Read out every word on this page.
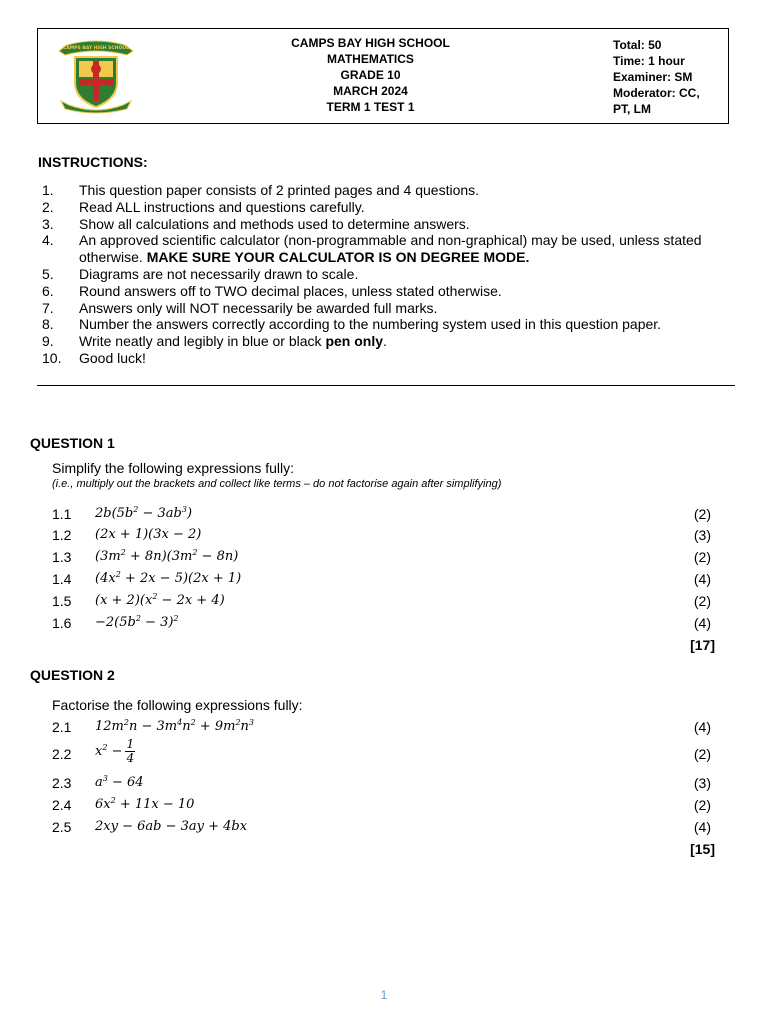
CAMPS BAY HIGH SCHOOL	CAMPS BAY HIGH SCHOOL
MATHEMATICS
GRADE 10
MARCH 2024
TERM 1 TEST 1
Total: 50
Time: 1 hour
Examiner: SM
Moderator: CC,
PT, LM
INSTRUCTIONS:
1.	This question paper consists of 2 printed pages and 4 questions.
2.	Read ALL instructions and questions carefully.
3.	Show all calculations and methods used to determine answers.
4.	An approved scientific calculator (non-programmable and non-graphical) may be used, unless stated otherwise. MAKE SURE YOUR CALCULATOR IS ON DEGREE MODE.
5.	Diagrams are not necessarily drawn to scale.
6.	Round answers off to TWO decimal places, unless stated otherwise.
7.	Answers only will NOT necessarily be awarded full marks.
8.	Number the answers correctly according to the numbering system used in this question paper.
9.	Write neatly and legibly in blue or black pen only.
10.	Good luck!
QUESTION 1
Simplify the following expressions fully:
(i.e., multiply out the brackets and collect like terms – do not factorise again after simplifying)
1.1 $2b(5b^2 - 3ab^3)$	(2)
1.2 (2x + 1)(3x − 2)	(3)
1.3 $(3m^2 + 8n)(3m^2 - 8n)$	(2)
1.4 $(4x^2 + 2x - 5)(2x + 1)$	(4)
1.5 $(x + 2)(x^2 - 2x + 4)$	(2)
$1.6 -2(5b^2 - 3)^2$	(4)
[17]
QUESTION 2
Factorise the following expressions fully:
2.1 $12m^2n - 3m^4n^2 + 9m^2n^3$	(4)
2.2 $x^2 - \frac{1}{4}$	(2)
2.3 $a^3 - 64$	(3)
2.4 $6x^2 + 11x - 10$	(2)
2.5 2xy − 6ab − 3ay + 4bx	(4)
[15]
1
